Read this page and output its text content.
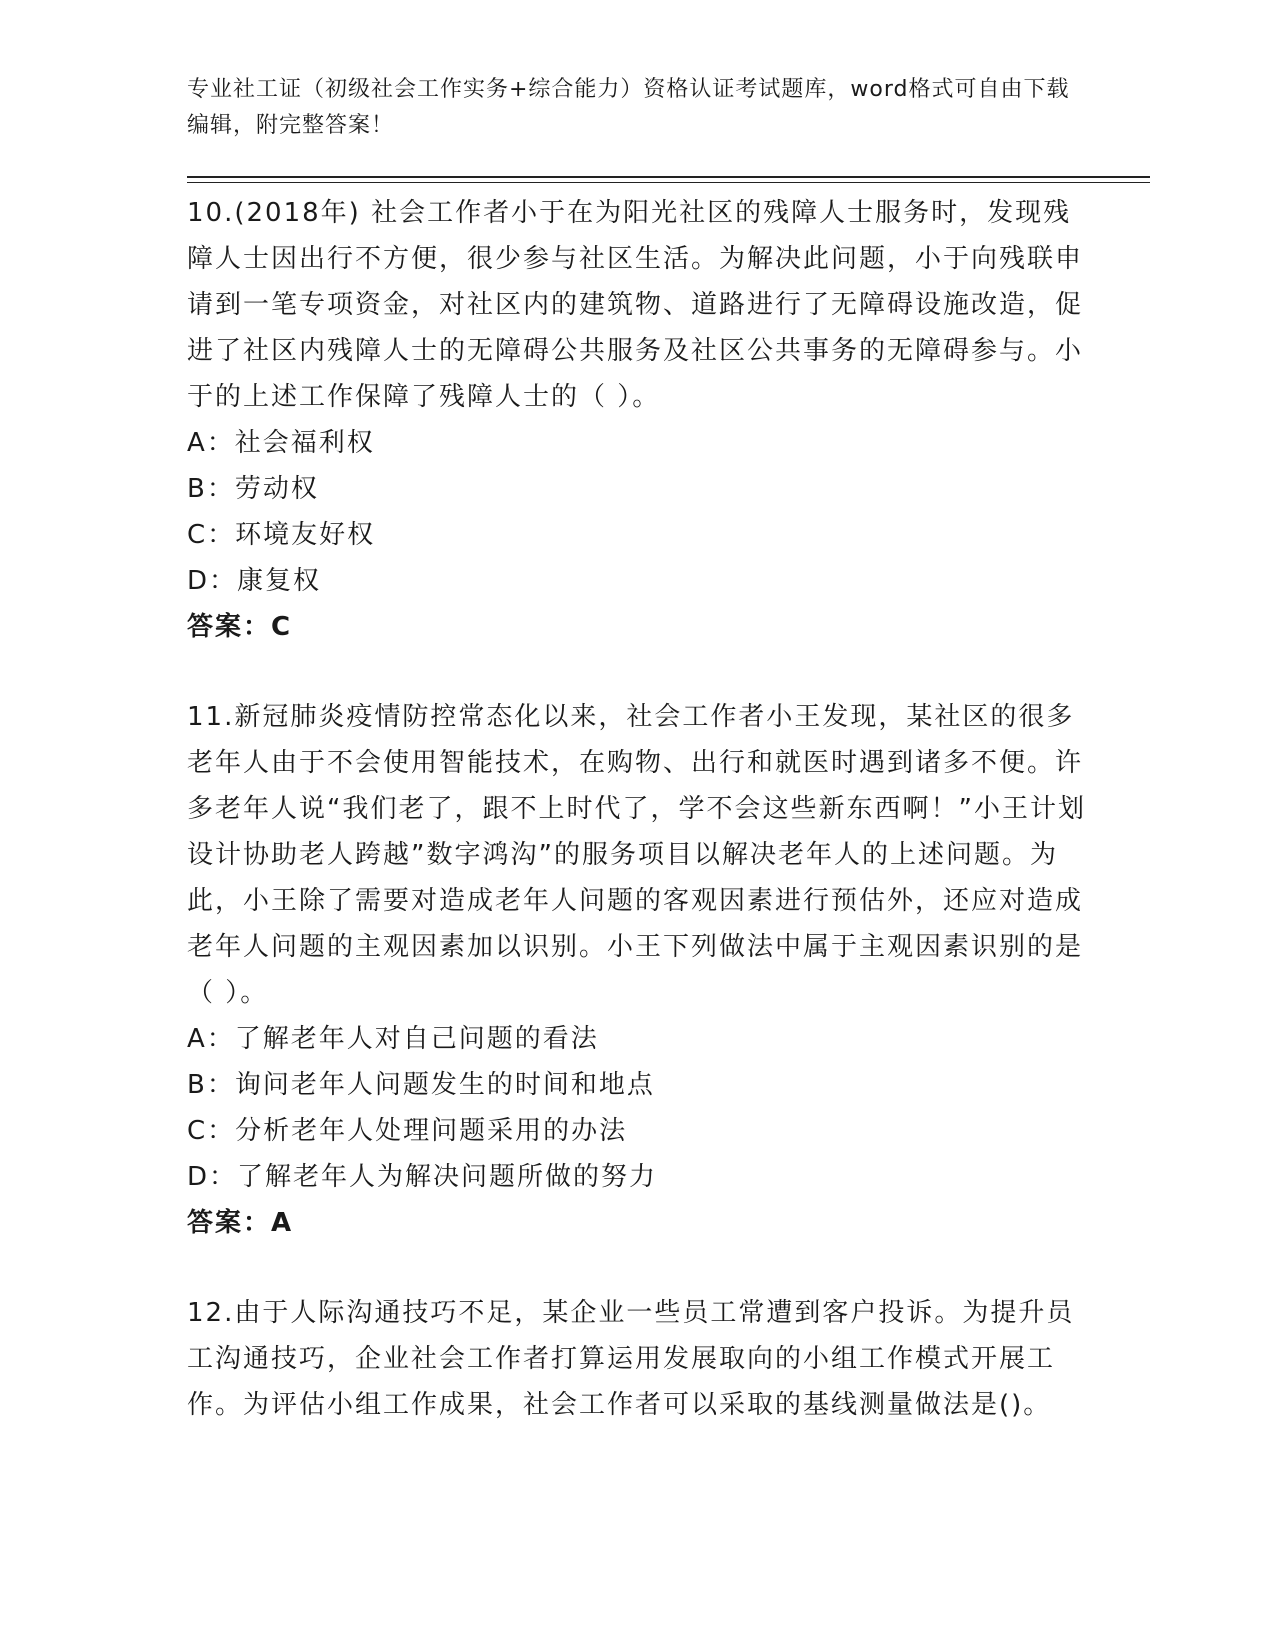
专业社工证（初级社会工作实务+综合能力）资格认证考试题库，word格式可自由下载编辑，附完整答案！

10.(2018年) 社会工作者小于在为阳光社区的残障人士服务时，发现残障人士因出行不方便，很少参与社区生活。为解决此问题，小于向残联申请到一笔专项资金，对社区内的建筑物、道路进行了无障碍设施改造，促进了社区内残障人士的无障碍公共服务及社区公共事务的无障碍参与。小于的上述工作保障了残障人士的（ ）。

A：社会福利权

B：劳动权

C：环境友好权

D：康复权

答案：C

11.新冠肺炎疫情防控常态化以来，社会工作者小王发现，某社区的很多老年人由于不会使用智能技术，在购物、出行和就医时遇到诸多不便。许多老年人说“我们老了，跟不上时代了，学不会这些新东西啊！”小王计划设计协助老人跨越”数字鸿沟”的服务项目以解决老年人的上述问题。为此，小王除了需要对造成老年人问题的客观因素进行预估外，还应对造成老年人问题的主观因素加以识别。小王下列做法中属于主观因素识别的是（ ）。

A：了解老年人对自己问题的看法

B：询问老年人问题发生的时间和地点

C：分析老年人处理问题采用的办法

D：了解老年人为解决问题所做的努力

答案：A

12.由于人际沟通技巧不足，某企业一些员工常遭到客户投诉。为提升员工沟通技巧，企业社会工作者打算运用发展取向的小组工作模式开展工作。为评估小组工作成果，社会工作者可以采取的基线测量做法是()。
